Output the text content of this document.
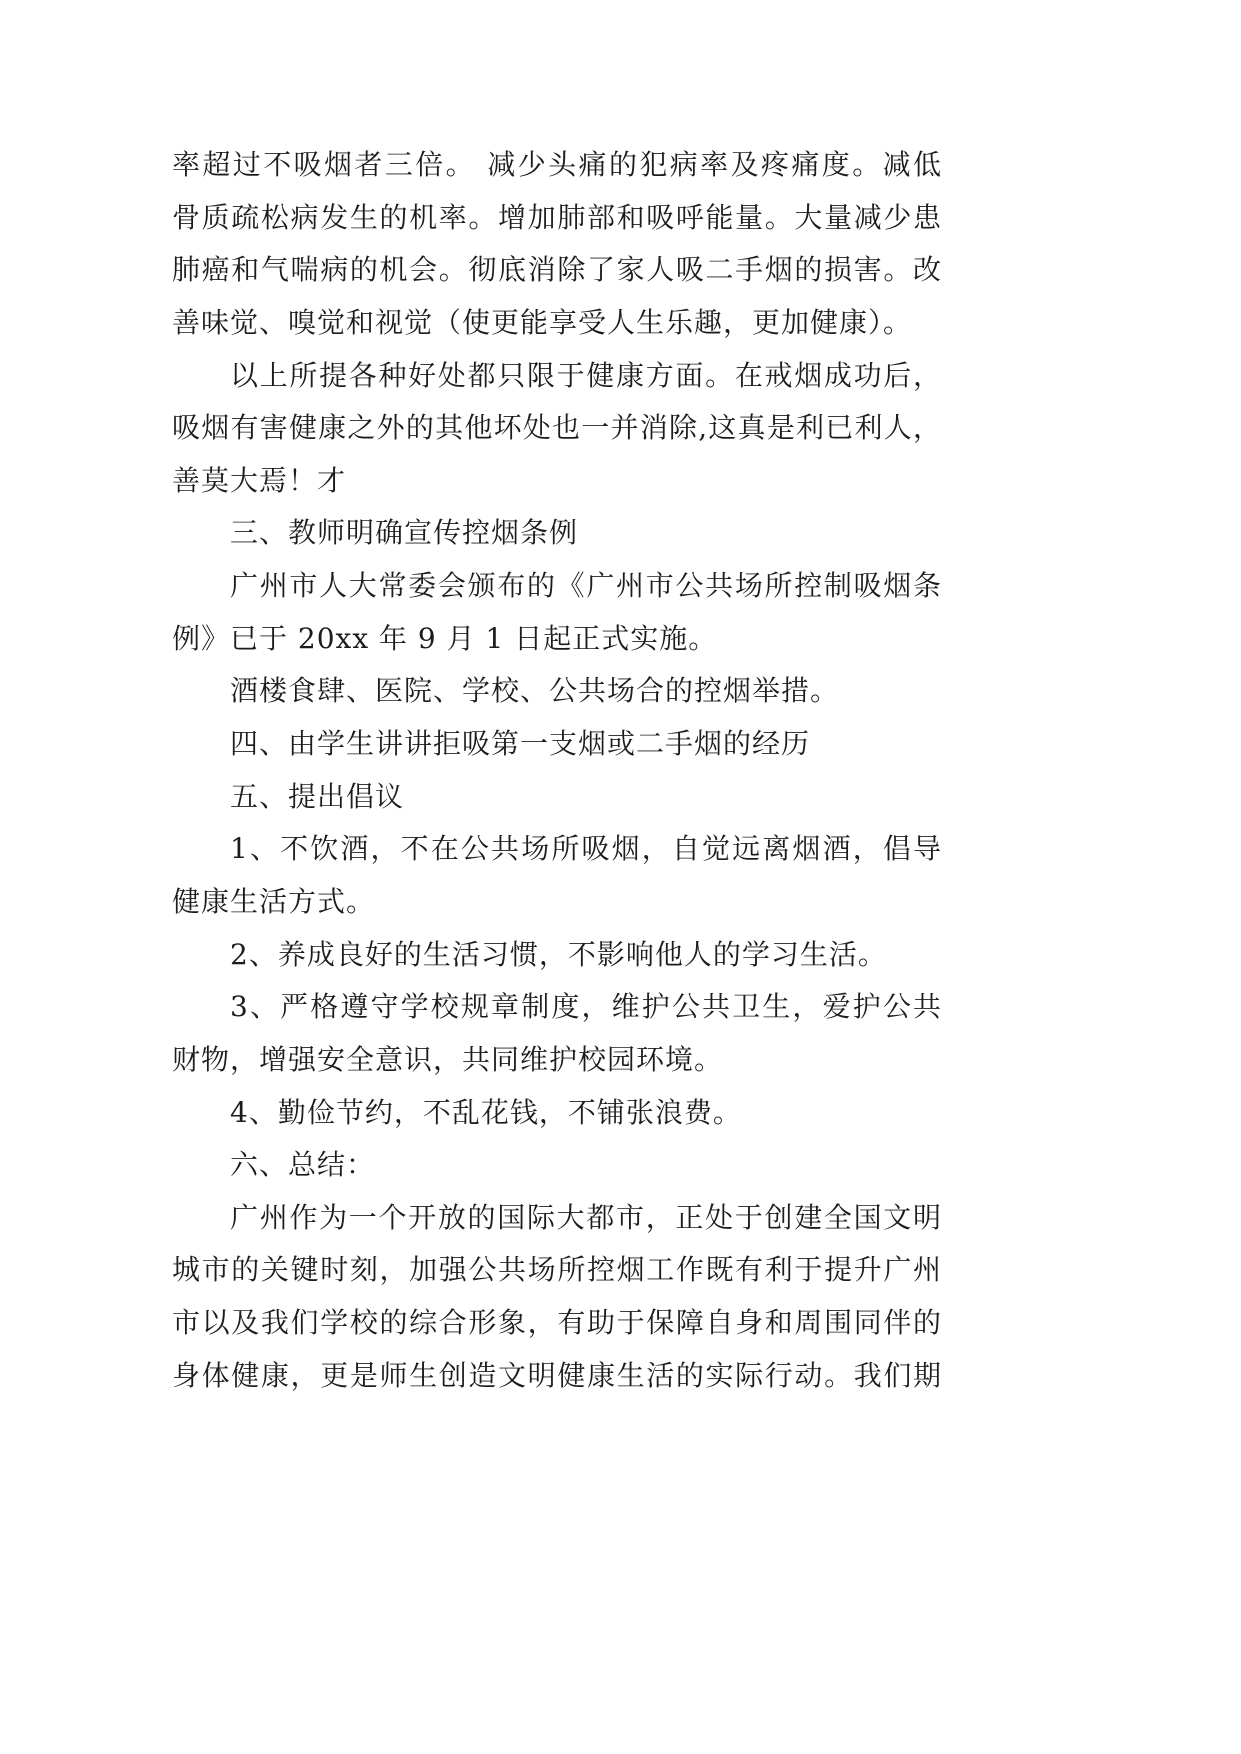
率超过不吸烟者三倍。 减少头痛的犯病率及疼痛度。减低
骨质疏松病发生的机率。增加肺部和吸呼能量。大量减少患
肺癌和气喘病的机会。彻底消除了家人吸二手烟的损害。改
善味觉、嗅觉和视觉（使更能享受人生乐趣，更加健康）。
以上所提各种好处都只限于健康方面。在戒烟成功后，
吸烟有害健康之外的其他坏处也一并消除,这真是利已利人，
善莫大焉！才
三、教师明确宣传控烟条例
广州市人大常委会颁布的《广州市公共场所控制吸烟条
例》已于 20xx 年 9 月 1 日起正式实施。
酒楼食肆、医院、学校、公共场合的控烟举措。
四、由学生讲讲拒吸第一支烟或二手烟的经历
五、提出倡议
1、不饮酒，不在公共场所吸烟，自觉远离烟酒，倡导
健康生活方式。
2、养成良好的生活习惯，不影响他人的学习生活。
3、严格遵守学校规章制度，维护公共卫生，爱护公共
财物，增强安全意识，共同维护校园环境。
4、勤俭节约，不乱花钱，不铺张浪费。
六、总结：
广州作为一个开放的国际大都市，正处于创建全国文明
城市的关键时刻，加强公共场所控烟工作既有利于提升广州
市以及我们学校的综合形象，有助于保障自身和周围同伴的
身体健康，更是师生创造文明健康生活的实际行动。我们期
